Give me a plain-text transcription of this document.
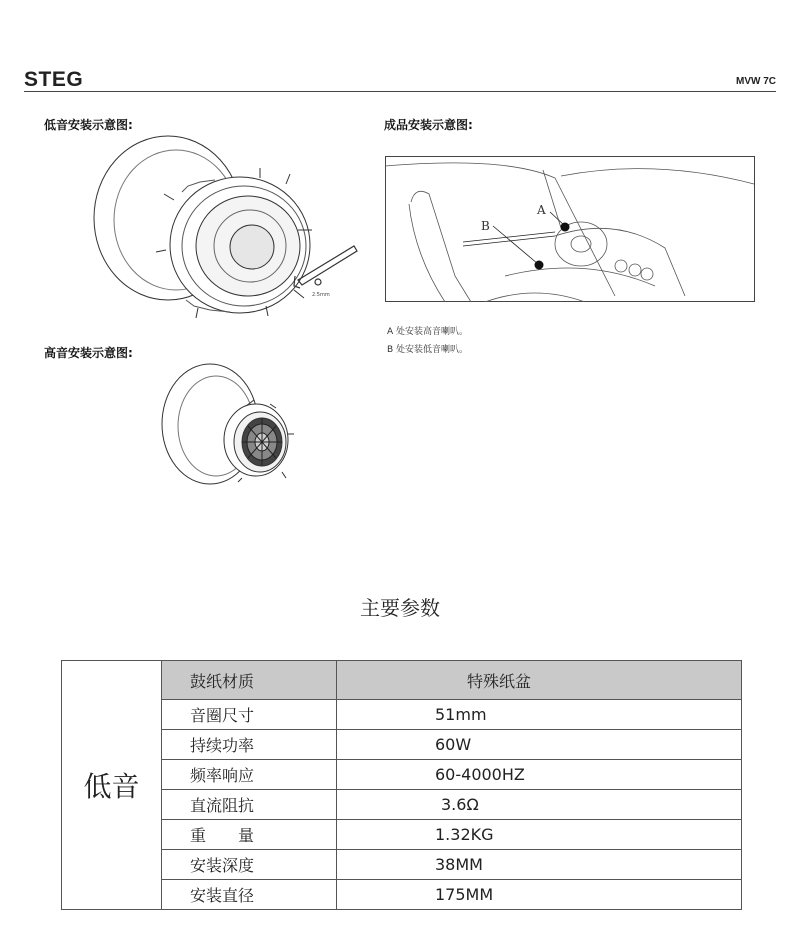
STEG	MVW 7C
低音安装示意图:	成品安装示意图:
高音安装示意图:
2.5mm
A
B
A 处安装高音喇叭。
B 处安装低音喇叭。
主要参数
低音	鼓纸材质	特殊纸盆
	音圈尺寸	51mm
	持续功率	60W
	频率响应	60-4000HZ
	直流阻抗	3.6Ω
	重　　量	1.32KG
	安装深度	38MM
	安装直径	175MM
